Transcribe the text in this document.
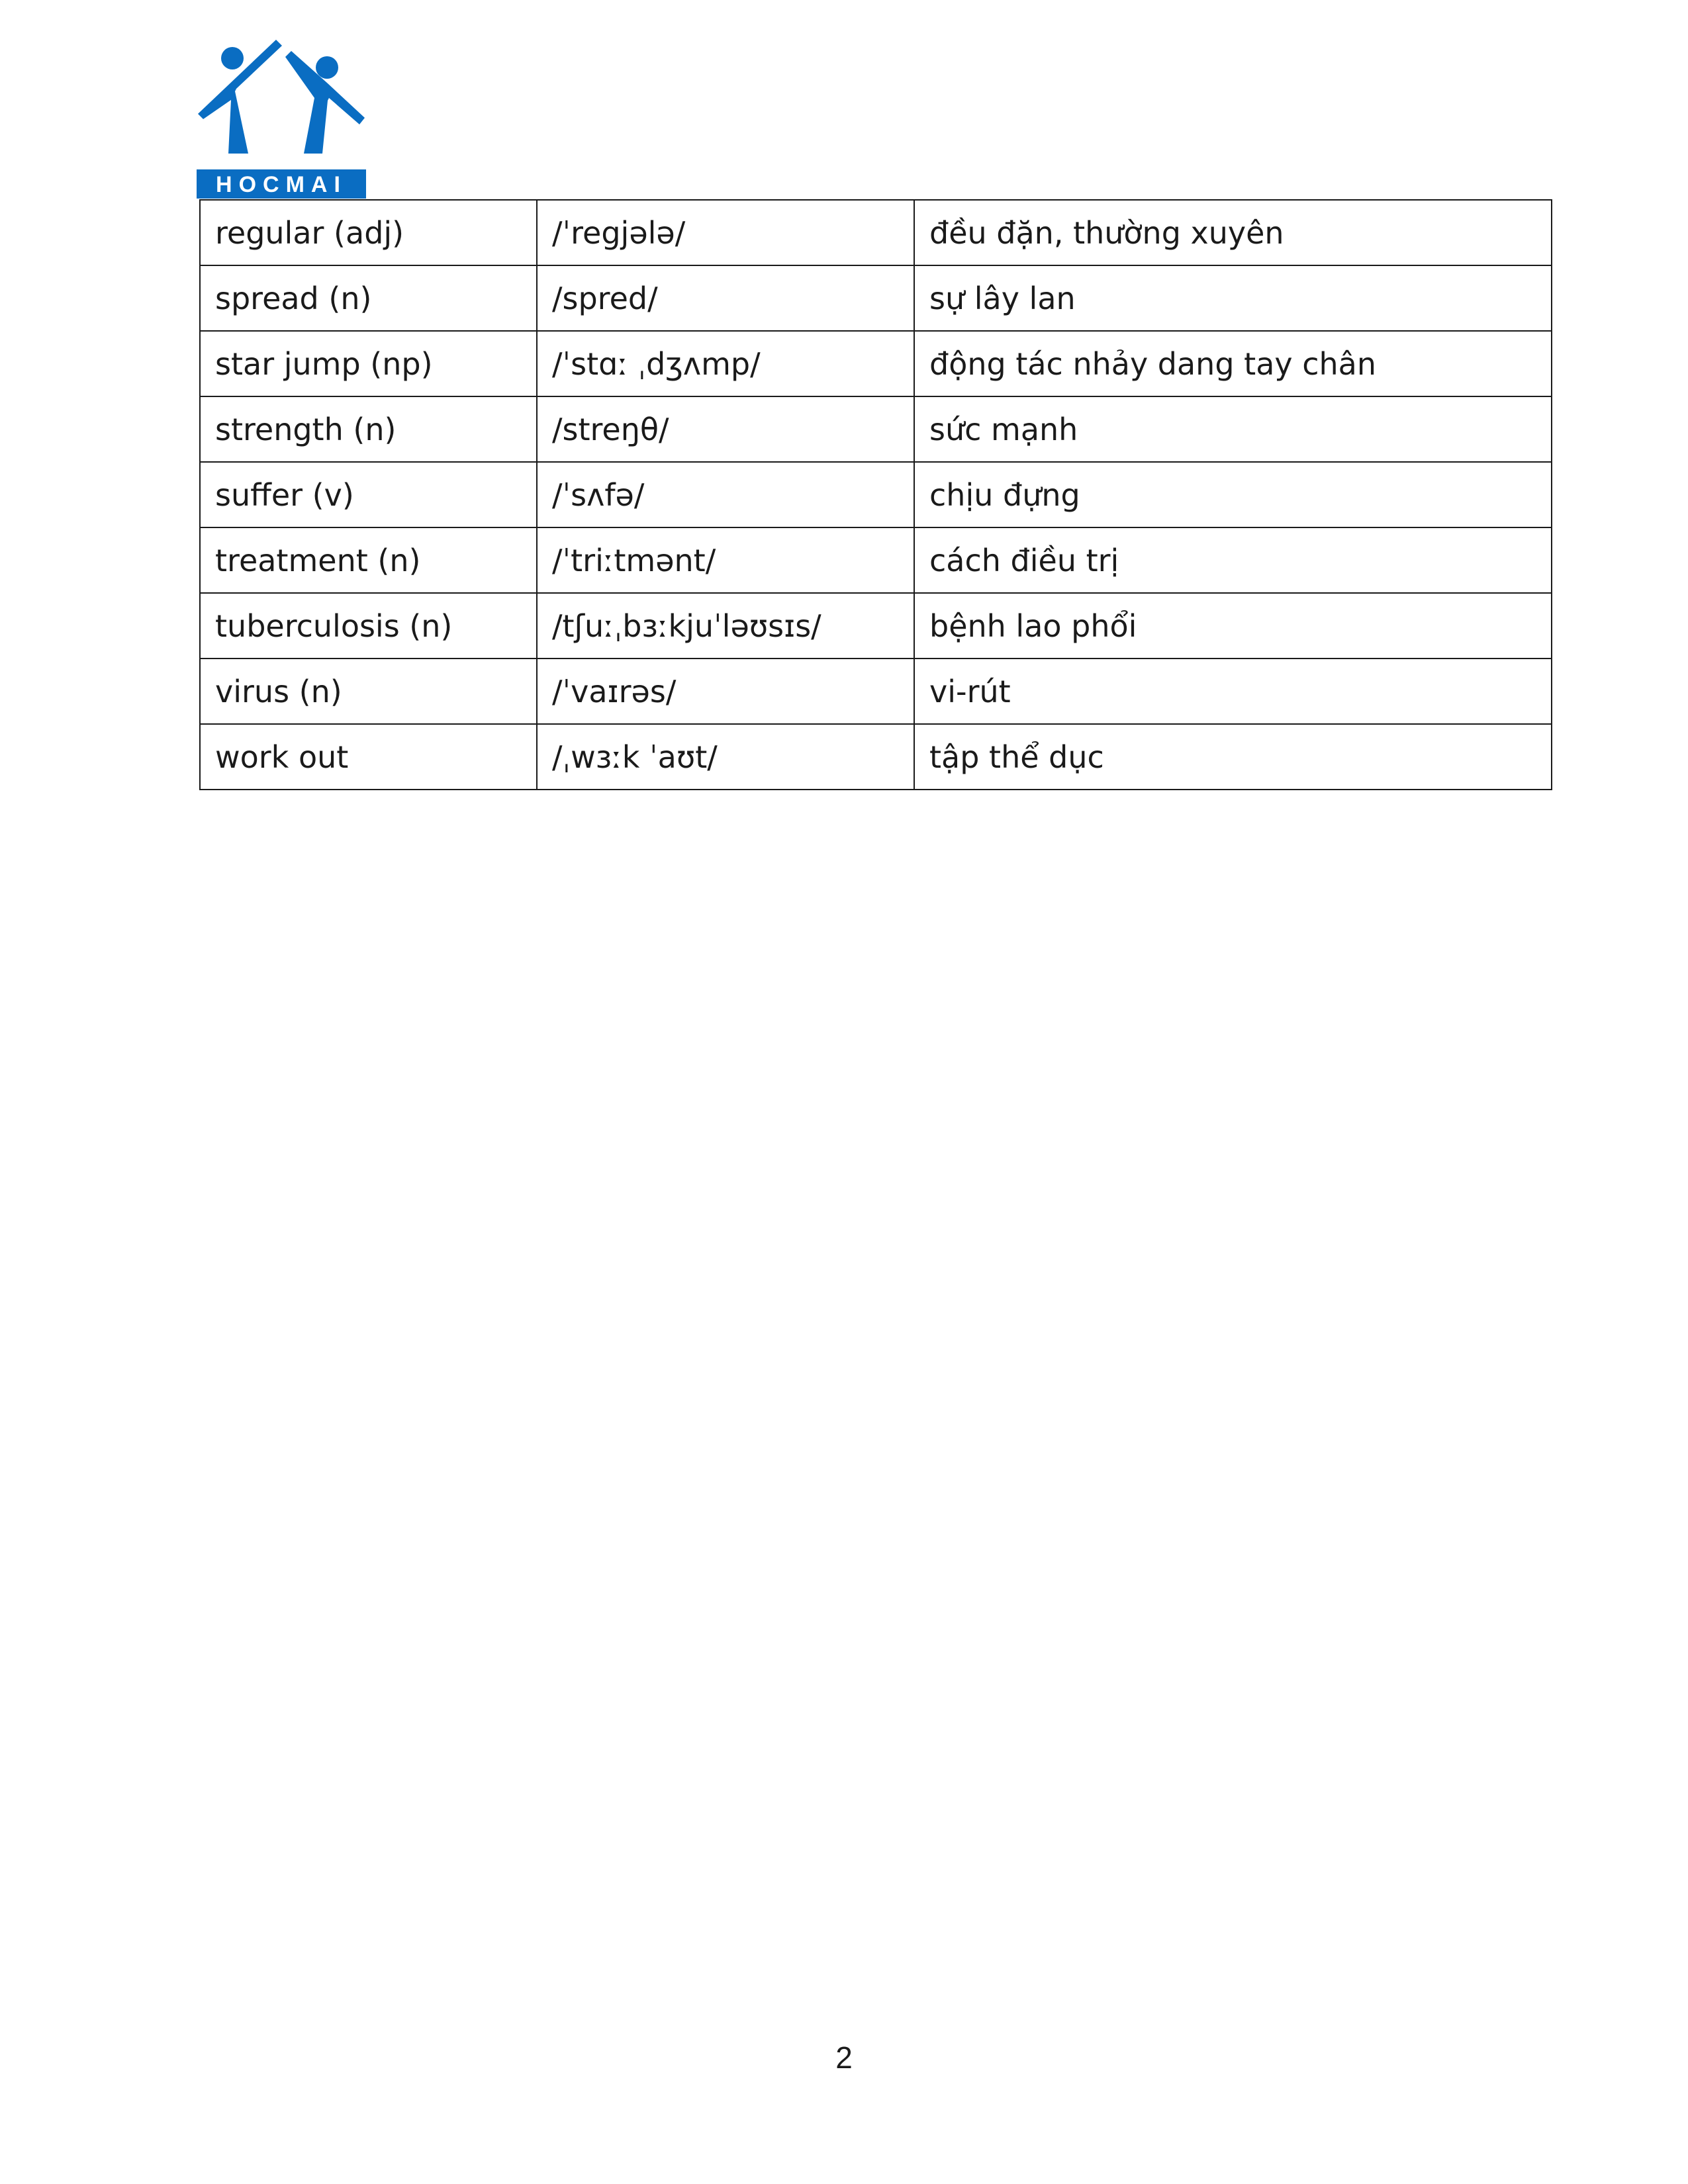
HOCMAI
regular (adj)	/ˈregjələ/	đều đặn, thường xuyên
spread (n)	/spred/	sự lây lan
star jump (np)	/ˈstɑː ˌdʒʌmp/	động tác nhảy dang tay chân
strength (n)	/streŋθ/	sức mạnh
suffer (v)	/ˈsʌfə/	chịu đựng
treatment (n)	/ˈtriːtmənt/	cách điều trị
tuberculosis (n)	/tʃuːˌbɜːkjuˈləʊsɪs/	bệnh lao phổi
virus (n)	/ˈvaɪrəs/	vi-rút
work out	/ˌwɜːk ˈaʊt/	tập thể dục
2
